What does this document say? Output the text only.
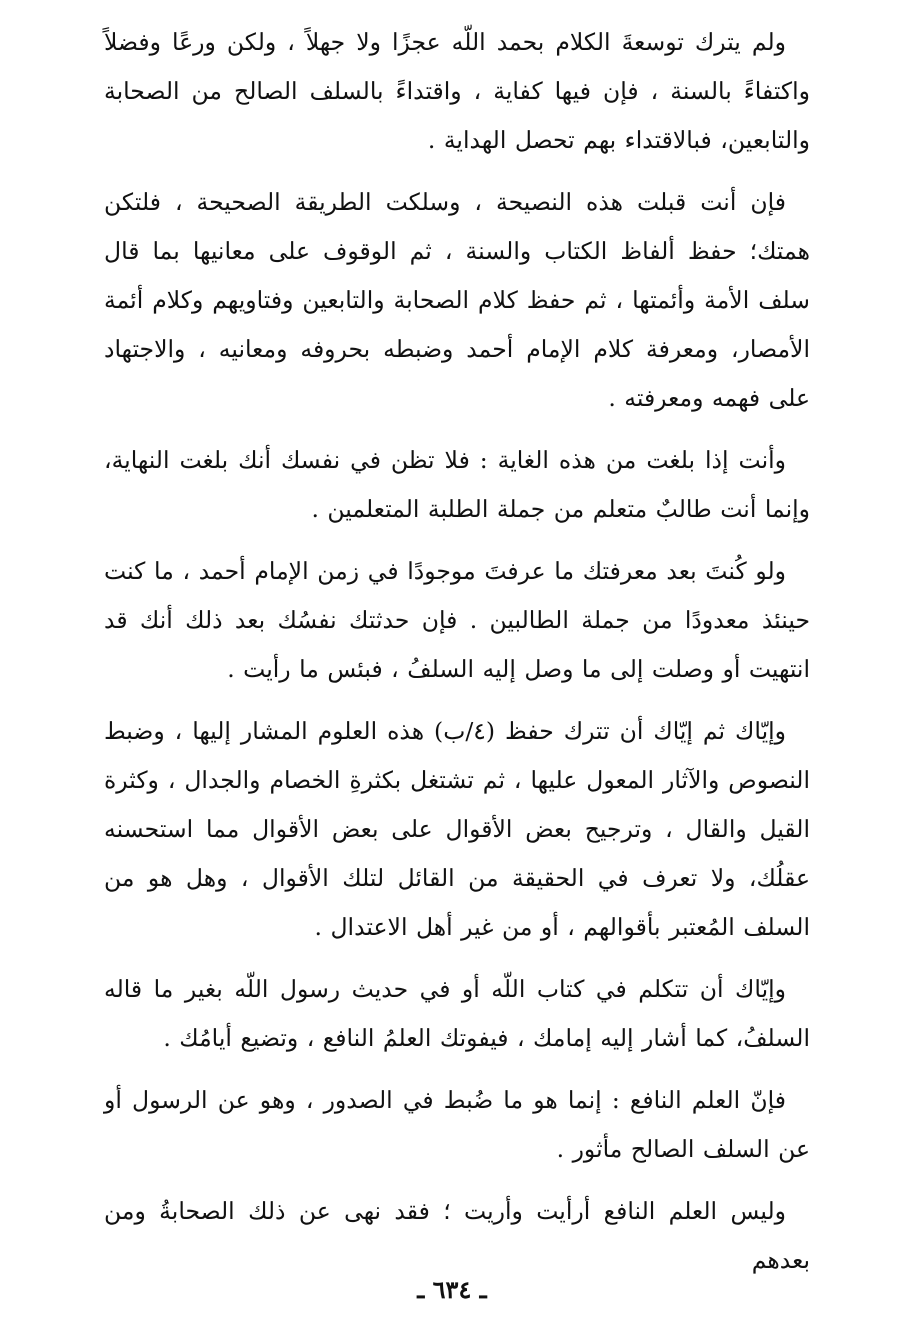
ولم يترك توسعةَ الكلام بحمد اللّه عجزًا ولا جهلاً ، ولكن ورعًا وفضلاً واكتفاءً بالسنة ، فإن فيها كفاية ، واقتداءً بالسلف الصالح من الصحابة والتابعين، فبالاقتداء بهم تحصل الهداية .

فإن أنت قبلت هذه النصيحة ، وسلكت الطريقة الصحيحة ، فلتكن همتك؛ حفظ ألفاظ الكتاب والسنة ، ثم الوقوف على معانيها بما قال سلف الأمة وأئمتها ، ثم حفظ كلام الصحابة والتابعين وفتاويهم وكلام أئمة الأمصار، ومعرفة كلام الإمام أحمد وضبطه بحروفه ومعانيه ، والاجتهاد على فهمه ومعرفته .

وأنت إذا بلغت من هذه الغاية : فلا تظن في نفسك أنك بلغت النهاية، وإنما أنت طالبٌ متعلم من جملة الطلبة المتعلمين .

ولو كُنتَ بعد معرفتك ما عرفتَ موجودًا في زمن الإمام أحمد ، ما كنت حينئذ معدودًا من جملة الطالبين . فإن حدثتك نفسُك بعد ذلك أنك قد انتهيت أو وصلت إلى ما وصل إليه السلفُ ، فبئس ما رأيت .

وإيّاك ثم إيّاك أن تترك حفظ (٤/ب) هذه العلوم المشار إليها ، وضبط النصوص والآثار المعول عليها ، ثم تشتغل بكثرةِ الخصام والجدال ، وكثرة القيل والقال ، وترجيح بعض الأقوال على بعض الأقوال مما استحسنه عقلُك، ولا تعرف في الحقيقة من القائل لتلك الأقوال ، وهل هو من السلف المُعتبر بأقوالهم ، أو من غير أهل الاعتدال .

وإيّاك أن تتكلم في كتاب اللّه أو في حديث رسول اللّه بغير ما قاله السلفُ، كما أشار إليه إمامك ، فيفوتك العلمُ النافع ، وتضيع أيامُك .

فإنّ العلم النافع : إنما هو ما ضُبط في الصدور ، وهو عن الرسول أو عن السلف الصالح مأثور .

وليس العلم النافع أرأيت وأريت ؛ فقد نهى عن ذلك الصحابةُ ومن بعدهم

ـ ٦٣٤ ـ
